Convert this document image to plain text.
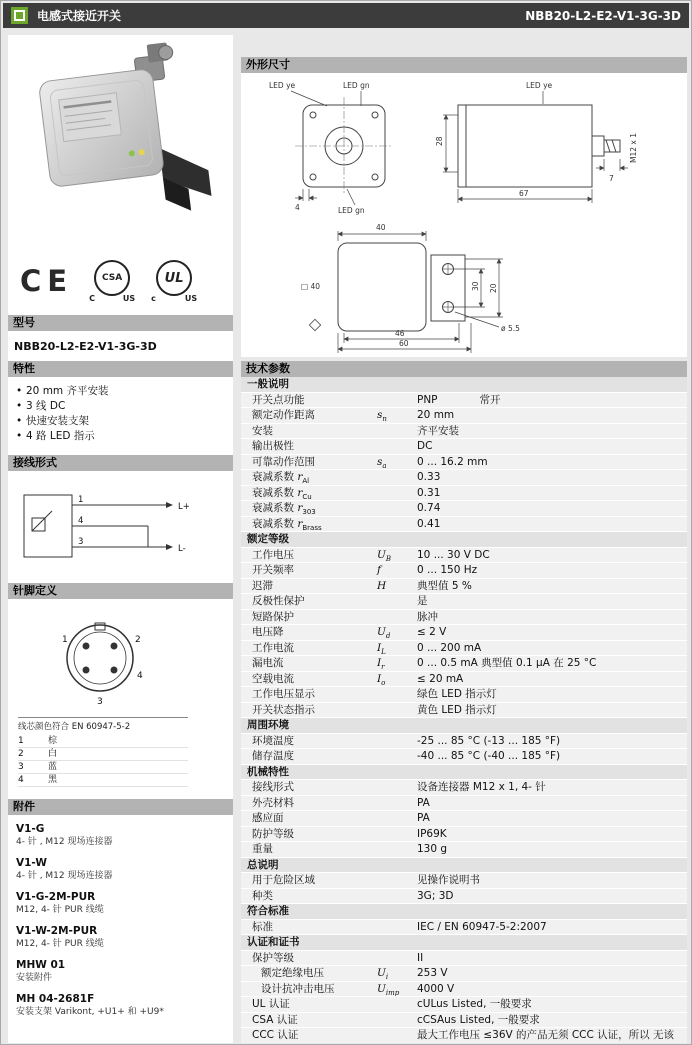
电感式接近开关	NBB20-L2-E2-V1-3G-3D
CE	CSA
C	US
UL
c	US
型号
NBB20-L2-E2-V1-3G-3D
特性
• 20 mm 齐平安装
• 3 线 DC
• 快速安装支架
• 4 路 LED 指示
接线形式
1
4
3
L+
L-
针脚定义
1	2
4
3
线芯颜色符合 EN 60947-5-2
1	棕
2	白
3	蓝
4	黑
附件
V1-G
4- 针 , M12 现场连接器
V1-W
4- 针 , M12 现场连接器
V1-G-2M-PUR
M12, 4- 针 PUR 线缆
V1-W-2M-PUR
M12, 4- 针 PUR 线缆
MHW 01
安装附件
MH 04-2681F
安装支架 Varikont, +U1+ 和 +U9*
外形尺寸
LED ye	LED gn	LED ye
LED gn
4
28
67
7
M12 x 1
40
□ 40	30 20
46
60
ø 5.5
技术参数
一般说明
开关点功能	PNP    常开
额定动作距离	$s_n$	20 mm
安装	齐平安装
输出极性	DC
可靠动作范围	$s_a$	0 ... 16.2 mm
衰减系数 $r_{Al}$	0.33
衰减系数 $r_{Cu}$	0.31
衰减系数 $r_{303}$	0.74
衰减系数 $r_{Brass}$	0.41
额定等级
工作电压	$U_B$	10 ... 30 V DC
开关频率	f	0 ... 150 Hz
迟滞	H	典型值 5 %
反极性保护	是
短路保护	脉冲
电压降	$U_d$	≤ 2 V
工作电流	$I_L$	0 ... 200 mA
漏电流	$I_r$	0 ... 0.5 mA 典型值 0.1 μA 在 25 °C
空载电流	$I_o$	≤ 20 mA
工作电压显示	绿色 LED 指示灯
开关状态指示	黄色 LED 指示灯
周围环境
环境温度	-25 ... 85 °C (-13 ... 185 °F)
储存温度	-40 ... 85 °C (-40 ... 185 °F)
机械特性
接线形式	设备连接器 M12 x 1, 4- 针
外壳材料	PA
感应面	PA
防护等级	IP69K
重量	130 g
总说明
用于危险区域	见操作说明书
种类	3G; 3D
符合标准
标准	IEC / EN 60947-5-2:2007
认证和证书
保护等级	II
额定绝缘电压	$U_i$	253 V
设计抗冲击电压	$U_{imp}$	4000 V
UL 认证	cULus Listed, 一般要求
CSA 认证	cCSAus Listed, 一般要求
CCC 认证	最大工作电压 ≤36V 的产品无须 CCC 认证，所以 无该
